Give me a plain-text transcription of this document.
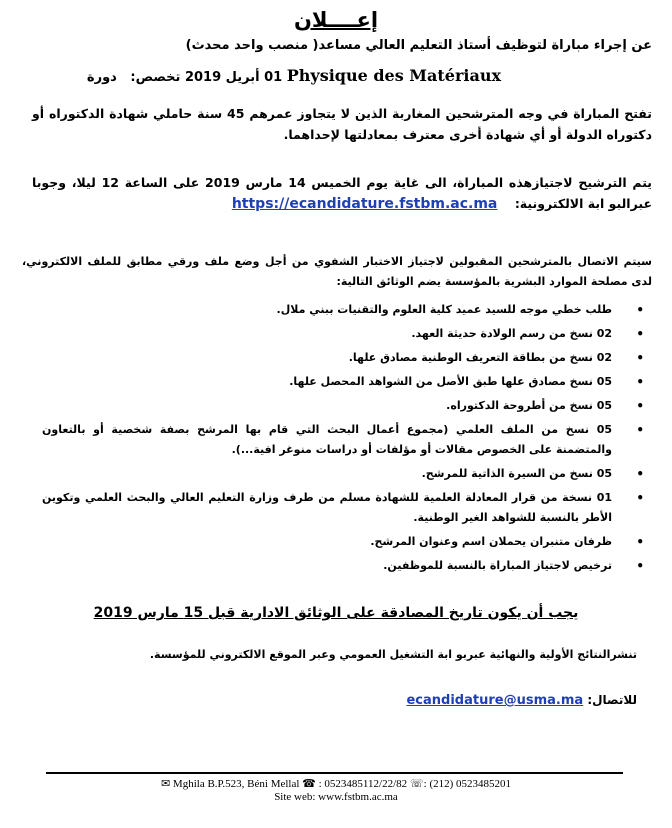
إعــــلان
عن إجراء مباراة لتوظيف أستاذ التعليم العالي مساعد( منصب واحد محدث)
دورة 01 أبريل 2019 تخصص: Physique des Matériaux
تفتح المباراة في وجه المترشحين المغاربة الذين لا يتجاوز عمرهم 45 سنة حاملي شهادة الدكتوراه أو دكتوراه الدولة أو أي شهادة أخرى معترف بمعادلتها لإحداهما.
يتم الترشيح لاجتيازهذه المباراة، الى غاية يوم الخميس 14 مارس 2019 على الساعة 12 ليلا، وجوبا عبرالبو ابة الالكترونية:    https://ecandidature.fstbm.ac.ma
سيتم الاتصال بالمترشحين المقبولين لاجتياز الاختبار الشفوي من أجل وضع ملف ورقي مطابق للملف الالكتروني، لدى مصلحة الموارد البشرية بالمؤسسة يضم الوثائق التالية:
•
طلب خطي موجه للسيد عميد كلية العلوم والتقنيات ببني ملال.
•
02 نسخ من رسم الولادة حديثة العهد.
•
02 نسخ من بطاقة التعريف الوطنية مصادق علها.
•
05 نسخ مصادق علها طبق الأصل من الشواهد المحصل علها.
•
05 نسخ من أطروحة الدكتوراه.
•
05 نسخ من الملف العلمي (مجموع أعمال البحث التي قام بها المرشح بصفة شخصية أو بالتعاون والمتضمنة على الخصوص مقالات أو مؤلفات أو دراسات منوغر افية...).
•
05 نسخ من السيرة الذاتية للمرشح.
•
01 نسخة من قرار المعادلة العلمية للشهادة مسلم من طرف وزارة التعليم العالي والبحث العلمي وتكوين الأطر بالنسبة للشواهد الغير الوطنية.
•
ظرفان متنبران يحملان اسم وعنوان المرشح.
•
ترخيص لاجتياز المباراة بالنسبة للموظفين.
يجب أن يكون تاريخ المصادقة على الوثائق الادارية قبل 15 مارس 2019
تنشرالنتائج الأولية والنهائية عبربو ابة التشغيل العمومي وعبر الموقع الالكتروني للمؤسسة.
للاتصال: ecandidature@usma.ma
✉ Mghila B.P.523, Béni Mellal ☎ : 0523485112/22/82 ☏: (212) 0523485201
Site web: www.fstbm.ac.ma
